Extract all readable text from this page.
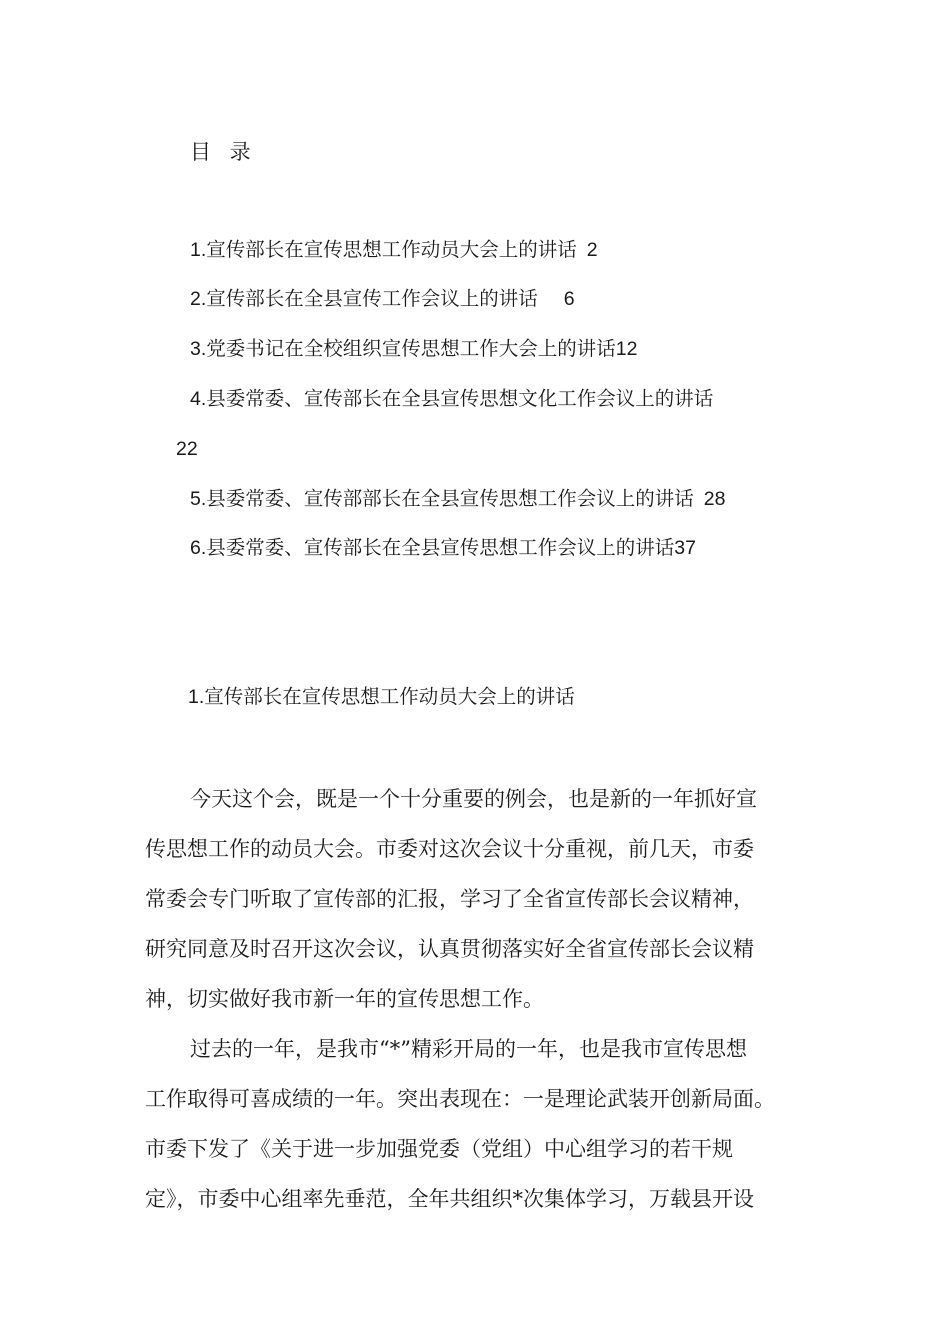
目 录
1.宣传部长在宣传思想工作动员大会上的讲话 2
2.宣传部长在全县宣传工作会议上的讲话 6
3.党委书记在全校组织宣传思想工作大会上的讲话12
4.县委常委、宣传部长在全县宣传思想文化工作会议上的讲话
22
5.县委常委、宣传部部长在全县宣传思想工作会议上的讲话 28
6.县委常委、宣传部长在全县宣传思想工作会议上的讲话37
1.宣传部长在宣传思想工作动员大会上的讲话
今天这个会，既是一个十分重要的例会，也是新的一年抓好宣
传思想工作的动员大会。市委对这次会议十分重视，前几天，市委
常委会专门听取了宣传部的汇报，学习了全省宣传部长会议精神，
研究同意及时召开这次会议，认真贯彻落实好全省宣传部长会议精
神，切实做好我市新一年的宣传思想工作。
过去的一年，是我市“*”精彩开局的一年，也是我市宣传思想
工作取得可喜成绩的一年。突出表现在：一是理论武装开创新局面。
市委下发了《关于进一步加强党委（党组）中心组学习的若干规
定》，市委中心组率先垂范，全年共组织*次集体学习，万载县开设
